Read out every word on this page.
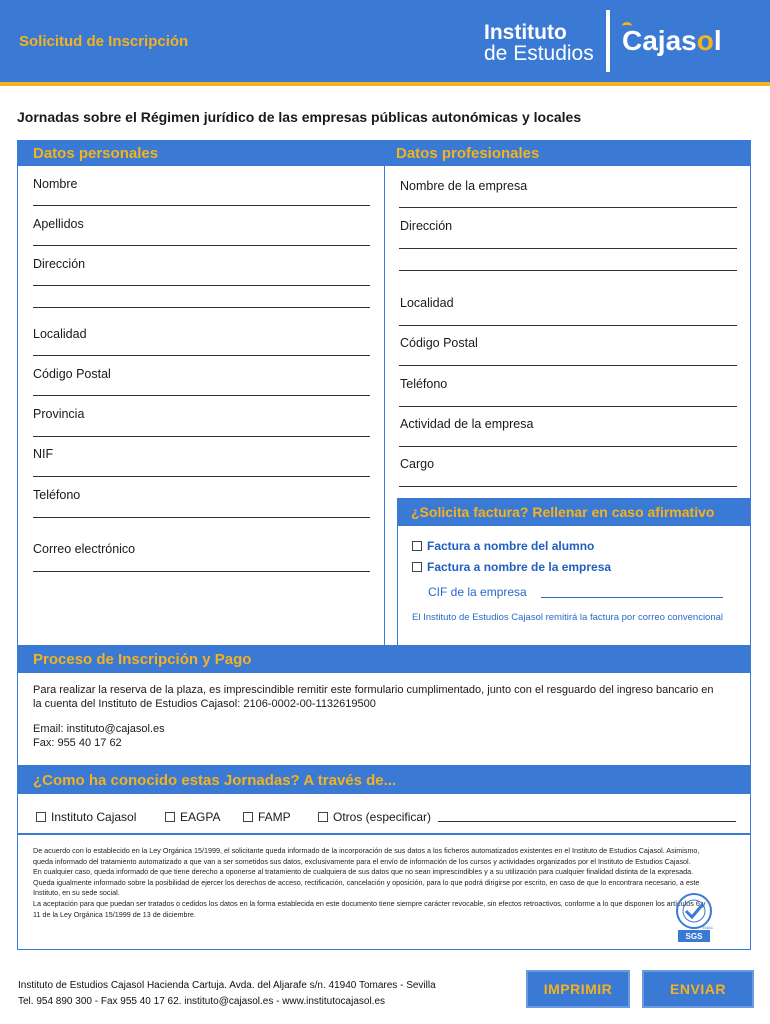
Solicitud de Inscripción	Instituto
de Estudios Cajasol
Jornadas sobre el Régimen jurídico de las empresas públicas autonómicas y locales
Datos personales	Datos profesionales
Nombre
Apellidos
Dirección
Localidad
Código Postal
Provincia
NIF
Teléfono
Correo electrónico
Nombre de la empresa
Dirección
Localidad
Código Postal
Teléfono
Actividad de la empresa
Cargo
¿Solicita factura? Rellenar en caso afirmativo
Factura a nombre del alumno
Factura a nombre de la empresa
CIF de la empresa
El Instituto de Estudios Cajasol remitirá la factura por correo convencional
Proceso de Inscripción y Pago
Para realizar la reserva de la plaza, es imprescindible remitir este formulario cumplimentado, junto con el resguardo del ingreso bancario en la cuenta del Instituto de Estudios Cajasol: 2106-0002-00-1132619500
Email: instituto@cajasol.es
Fax: 955 40 17 62
¿Como ha conocido estas Jornadas? A través de...
Instituto Cajasol	EAGPA	FAMP	Otros (especificar)

De acuerdo con lo establecido en la Ley Orgánica 15/1999, el solicitante queda informado de la incorporación de sus datos a los ficheros automatizados existentes en el Instituto de Estudios Cajasol. Asimismo, queda informado del tratamiento automatizado a que van a ser sometidos sus datos, exclusivamente para el envío de información de los cursos y actividades organizados por el Instituto de Estudios Cajasol.

En cualquier caso, queda informado de que tiene derecho a oponerse al tratamiento de cualquiera de sus datos que no sean imprescindibles y a su utilización para cualquier finalidad distinta de la expresada.

Queda igualmente informado sobre la posibilidad de ejercer los derechos de acceso, rectificación, cancelación y oposición, para lo que podrá dirigirse por escrito, en caso de que lo encontrara necesario, a este Instituto, en su sede social.

La aceptación para que puedan ser tratados o cedidos los datos en la forma establecida en este documento tiene siempre carácter revocable, sin efectos retroactivos, conforme a lo que disponen los artículos 6 y 11 de la Ley Orgánica 15/1999 de 13 de diciembre.

SGS
ENAC
Instituto de Estudios Cajasol Hacienda Cartuja. Avda. del Aljarafe s/n. 41940 Tomares - Sevilla
Tel. 954 890 300 - Fax 955 40 17 62. instituto@cajasol.es - www.institutocajasol.es
IMPRIMIR	ENVIAR
